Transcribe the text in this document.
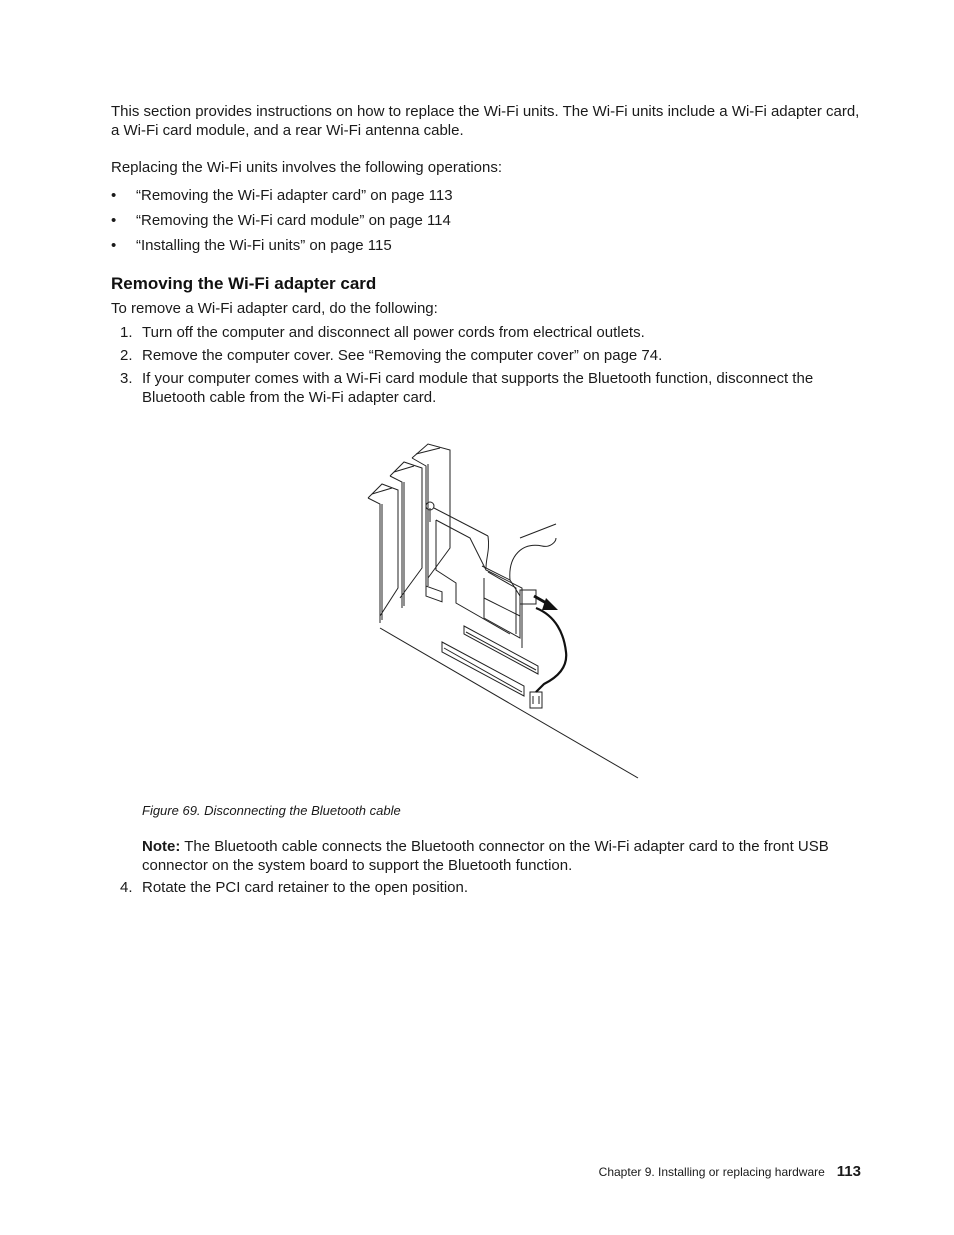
This section provides instructions on how to replace the Wi-Fi units. The Wi-Fi units include a Wi-Fi adapter card, a Wi-Fi card module, and a rear Wi-Fi antenna cable.

Replacing the Wi-Fi units involves the following operations:

• “Removing the Wi-Fi adapter card” on page 113
• “Removing the Wi-Fi card module” on page 114
• “Installing the Wi-Fi units” on page 115
Removing the Wi-Fi adapter card

To remove a Wi-Fi adapter card, do the following:

1. Turn off the computer and disconnect all power cords from electrical outlets.
2. Remove the computer cover. See “Removing the computer cover” on page 74.
3. If your computer comes with a Wi-Fi card module that supports the Bluetooth function, disconnect the Bluetooth cable from the Wi-Fi adapter card.

Figure 69. Disconnecting the Bluetooth cable

Note: The Bluetooth cable connects the Bluetooth connector on the Wi-Fi adapter card to the front USB connector on the system board to support the Bluetooth function.

4. Rotate the PCI card retainer to the open position.
Chapter 9. Installing or replacing hardware 113
